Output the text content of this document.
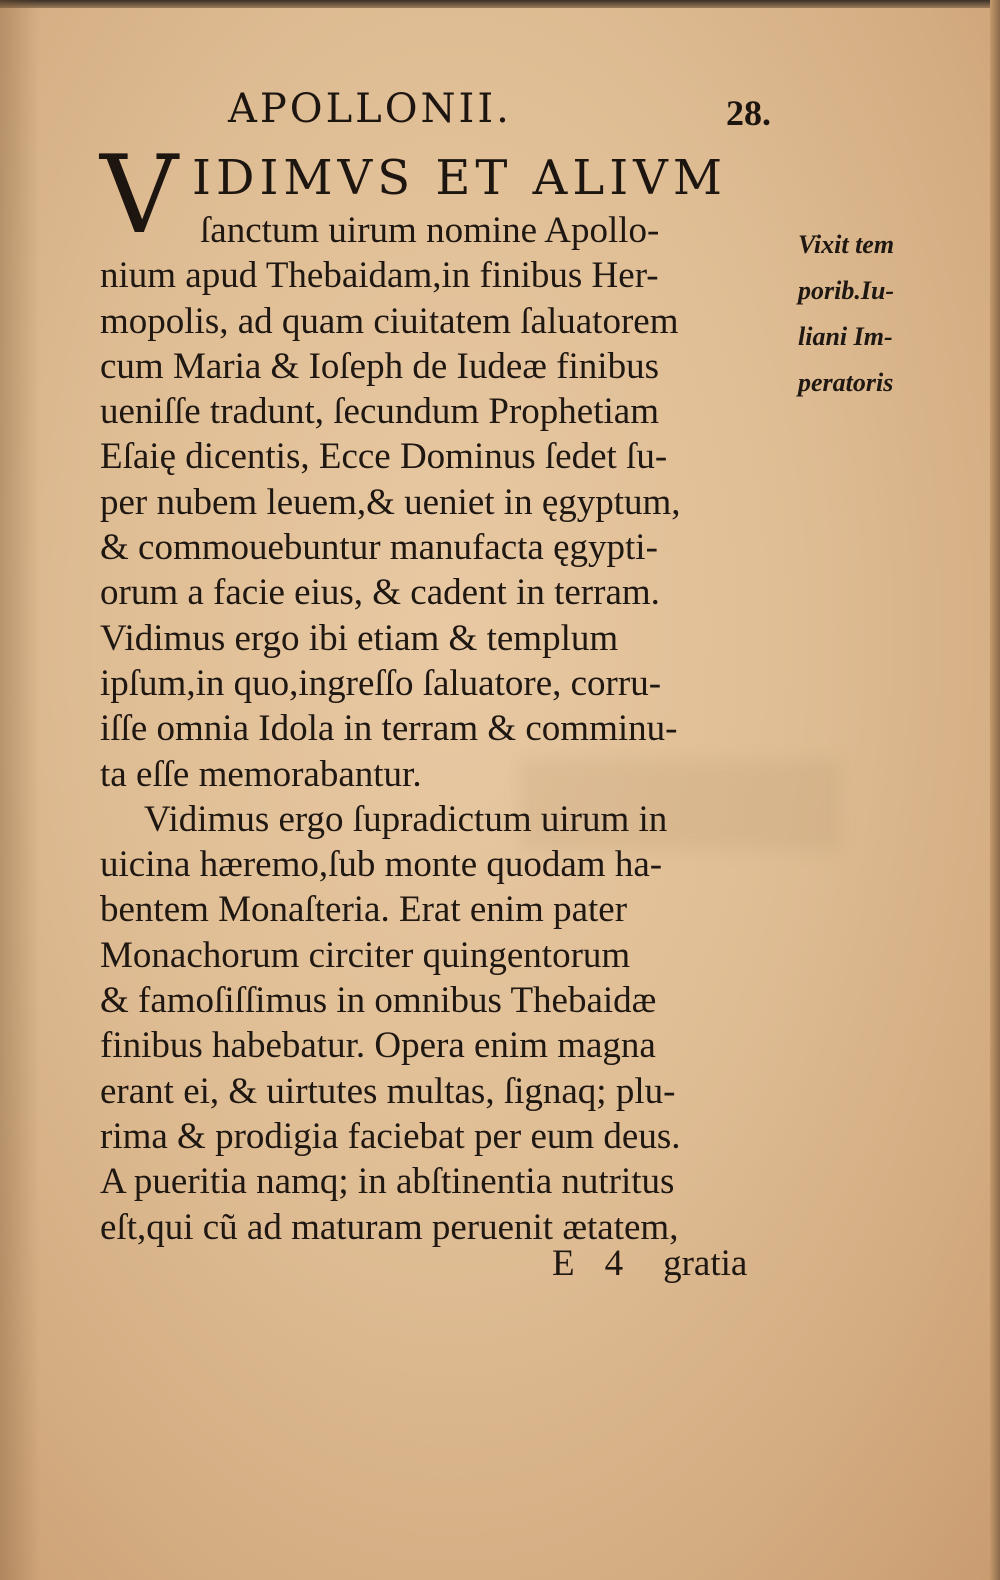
APOLLONII.	28.
V IDIMVS ET ALIVM
ſanctum uirum nomine Apollo-
nium apud Thebaidam,in finibus Her-
mopolis, ad quam ciuitatem ſaluatorem
cum Maria & Ioſeph de Iudeæ finibus
ueniſſe tradunt, ſecundum Prophetiam
Eſaię dicentis, Ecce Dominus ſedet ſu-
per nubem leuem,& ueniet in ęgyptum,
& commouebuntur manufacta ęgypti-
orum a facie eius, & cadent in terram.
Vidimus ergo ibi etiam & templum
ipſum,in quo,ingreſſo ſaluatore, corru-
iſſe omnia Idola in terram & comminu-
ta eſſe memorabantur.
Vidimus ergo ſupradictum uirum in
uicina hæremo,ſub monte quodam ha-
bentem Monaſteria. Erat enim pater
Monachorum circiter quingentorum
& famoſiſſimus in omnibus Thebaidæ
finibus habebatur. Opera enim magna
erant ei, & uirtutes multas, ſignaq; plu-
rima & prodigia faciebat per eum deus.
A pueritia namq; in abſtinentia nutritus
eſt,qui cũ ad maturam peruenit ætatem,
Vixit tem
porib.Iu-
liani Im-
peratoris
E 4 gratia
